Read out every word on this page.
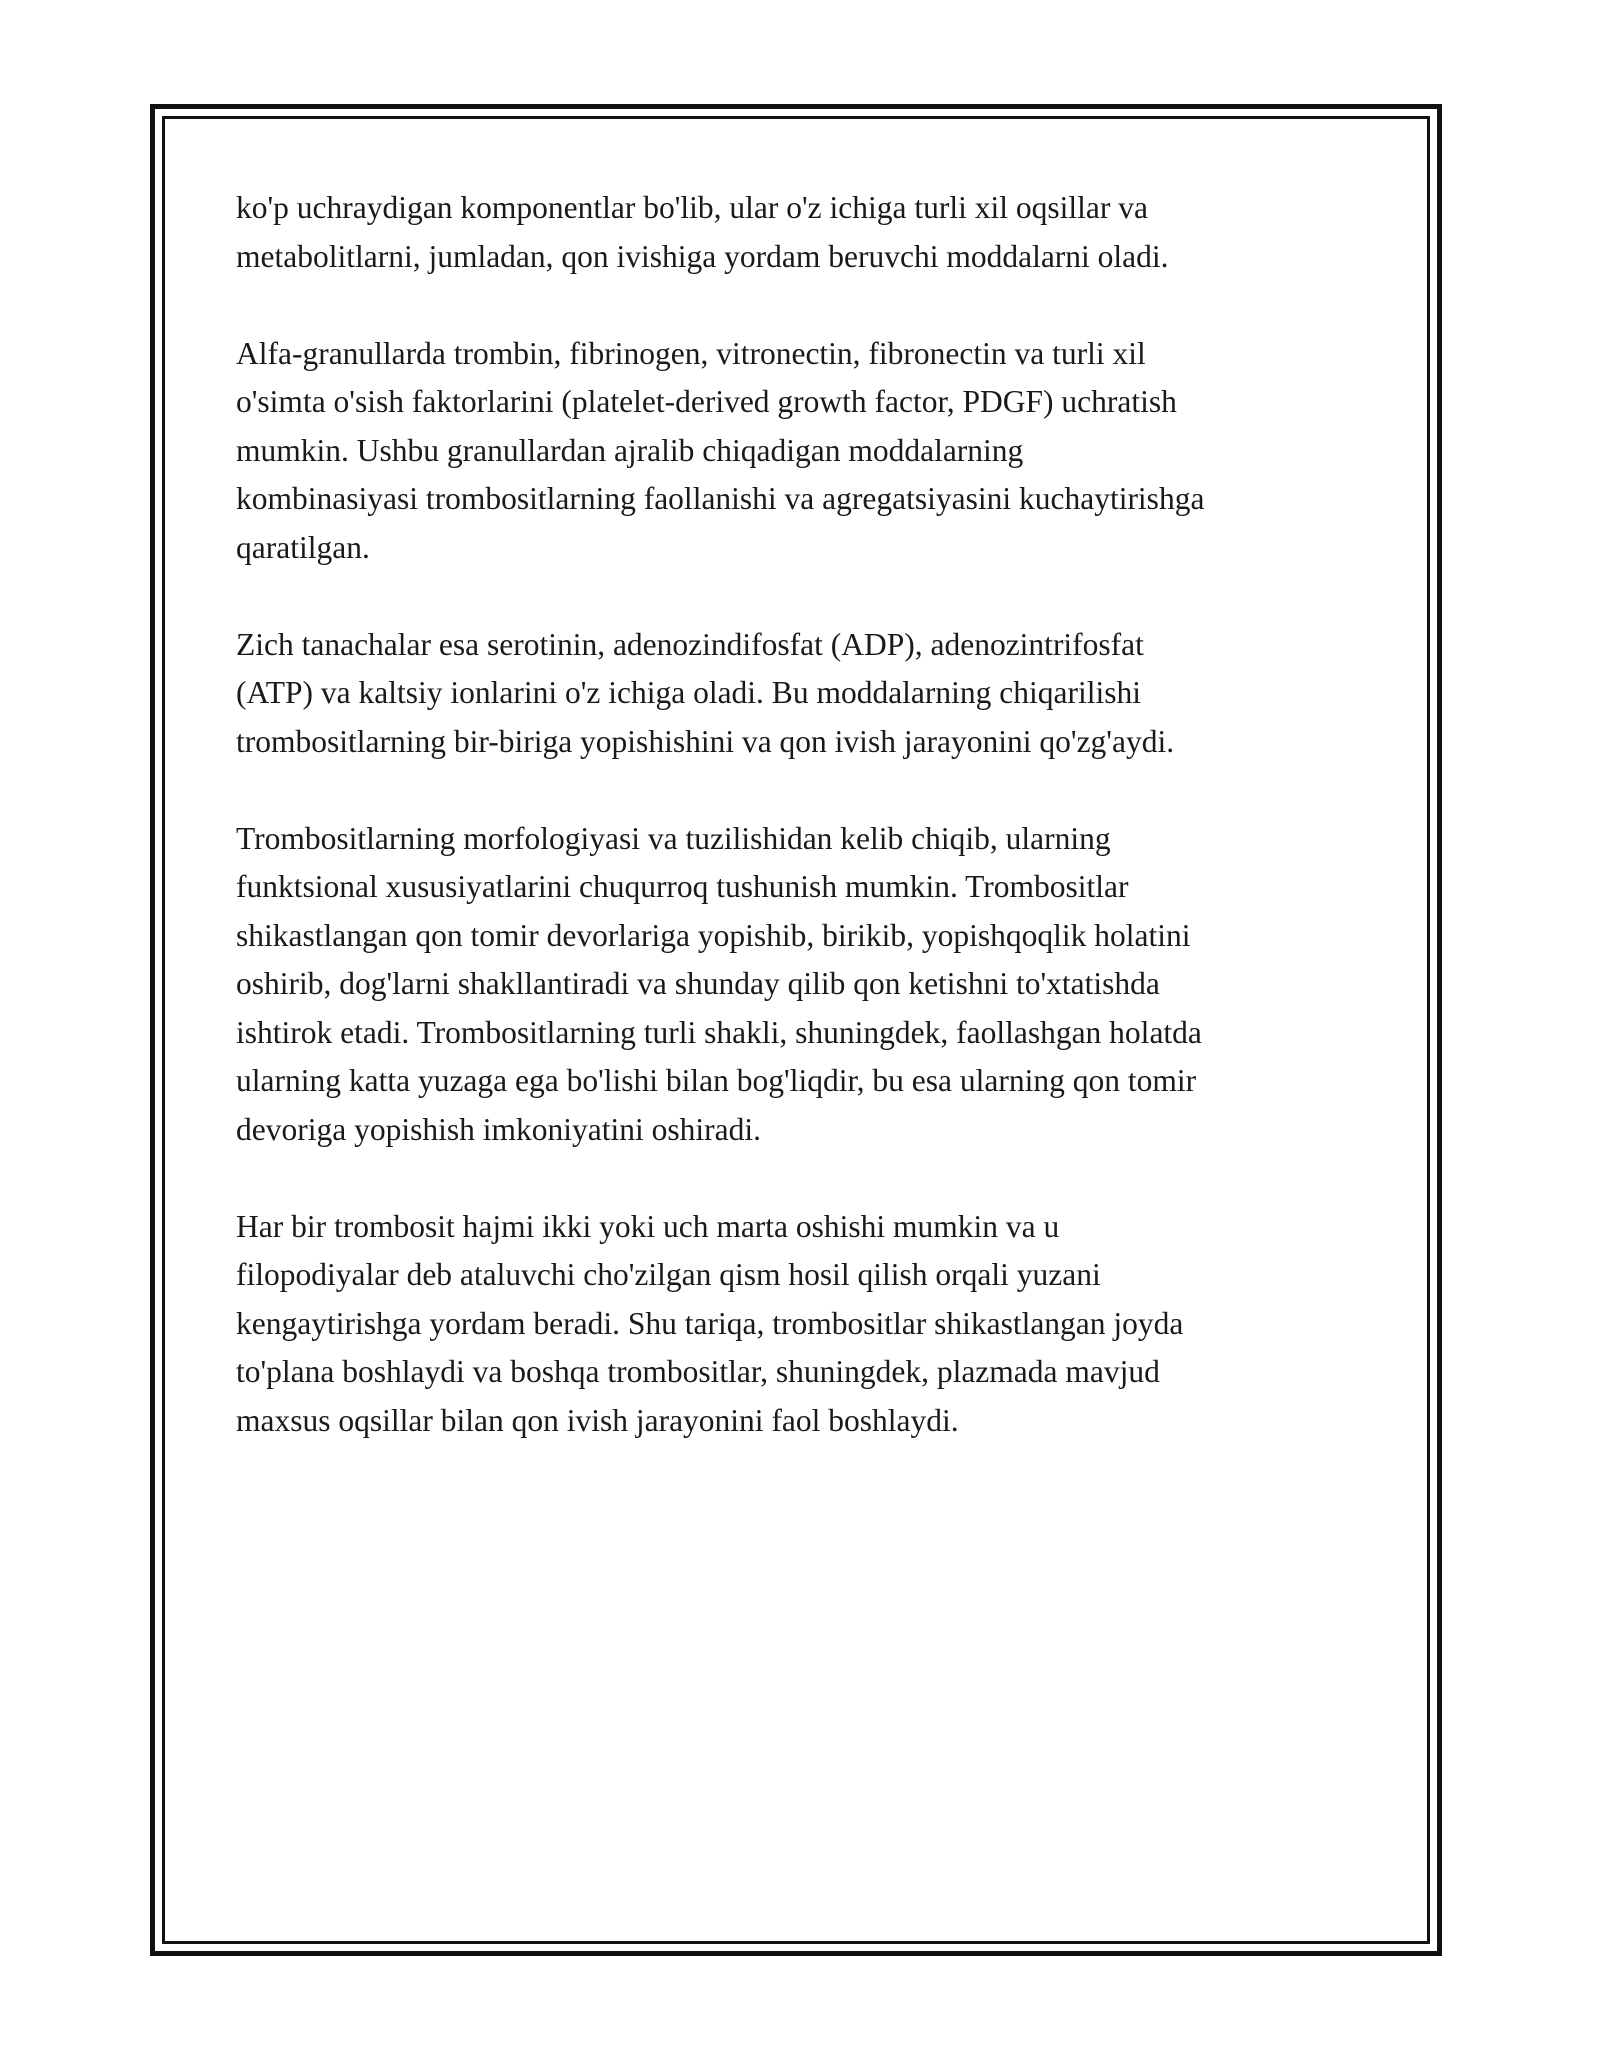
ko'p uchraydigan komponentlar bo'lib, ular o'z ichiga turli xil oqsillar va
metabolitlarni, jumladan, qon ivishiga yordam beruvchi moddalarni oladi.

Alfa-granullarda trombin, fibrinogen, vitronectin, fibronectin va turli xil
o'simta o'sish faktorlarini (platelet-derived growth factor, PDGF) uchratish
mumkin. Ushbu granullardan ajralib chiqadigan moddalarning
kombinasiyasi trombositlarning faollanishi va agregatsiyasini kuchaytirishga
qaratilgan.

Zich tanachalar esa serotinin, adenozindifosfat (ADP), adenozintrifosfat
(ATP) va kaltsiy ionlarini o'z ichiga oladi. Bu moddalarning chiqarilishi
trombositlarning bir-biriga yopishishini va qon ivish jarayonini qo'zg'aydi.

Trombositlarning morfologiyasi va tuzilishidan kelib chiqib, ularning
funktsional xususiyatlarini chuqurroq tushunish mumkin. Trombositlar
shikastlangan qon tomir devorlariga yopishib, birikib, yopishqoqlik holatini
oshirib, dog'larni shakllantiradi va shunday qilib qon ketishni to'xtatishda
ishtirok etadi. Trombositlarning turli shakli, shuningdek, faollashgan holatda
ularning katta yuzaga ega bo'lishi bilan bog'liqdir, bu esa ularning qon tomir
devoriga yopishish imkoniyatini oshiradi.

Har bir trombosit hajmi ikki yoki uch marta oshishi mumkin va u
filopodiyalar deb ataluvchi cho'zilgan qism hosil qilish orqali yuzani
kengaytirishga yordam beradi. Shu tariqa, trombositlar shikastlangan joyda
to'plana boshlaydi va boshqa trombositlar, shuningdek, plazmada mavjud
maxsus oqsillar bilan qon ivish jarayonini faol boshlaydi.
